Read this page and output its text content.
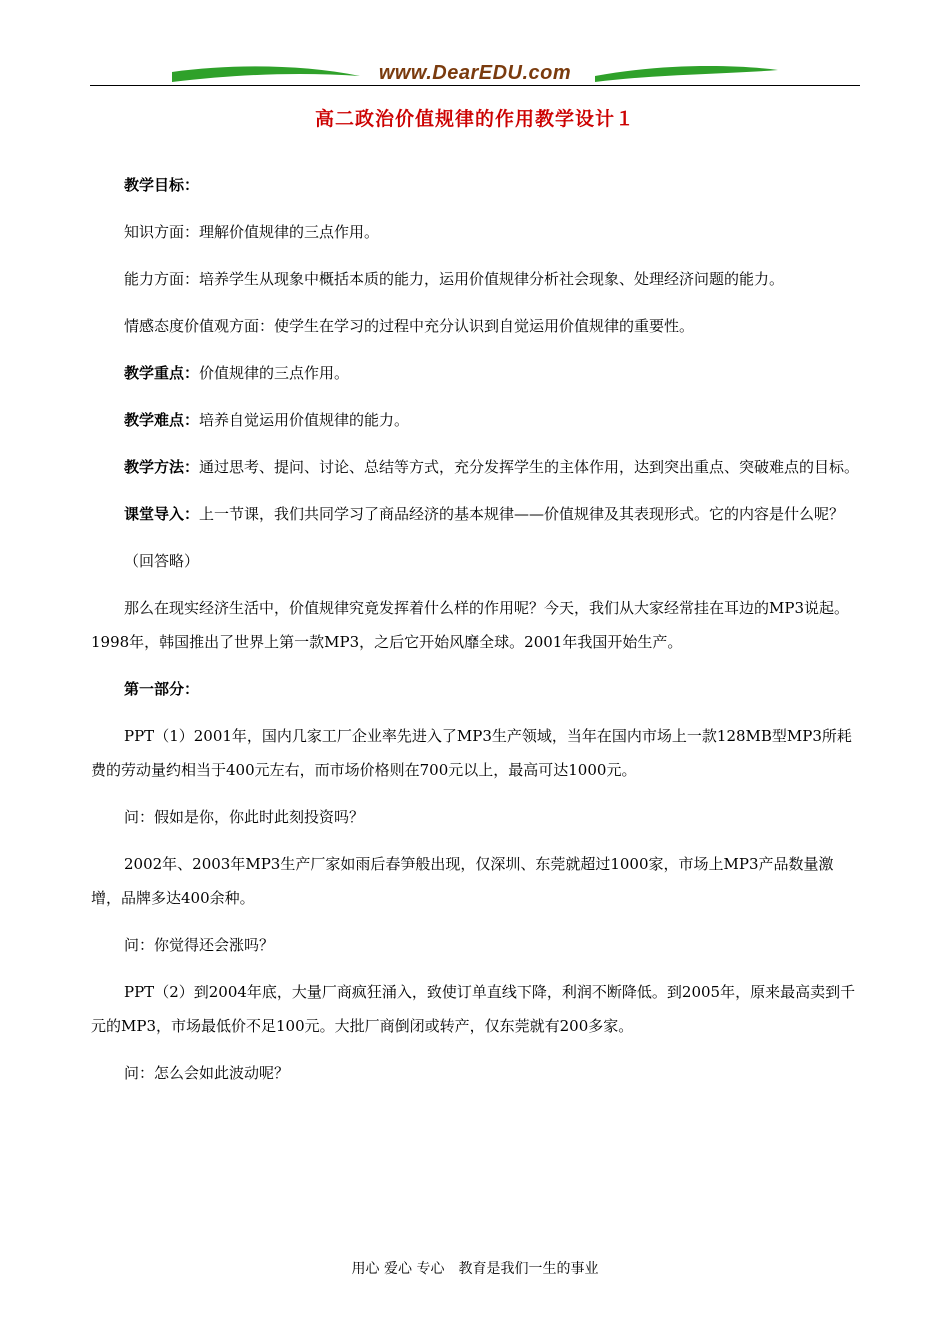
www.DearEDU.com
高二政治价值规律的作用教学设计１

教学目标：

知识方面：理解价值规律的三点作用。

能力方面：培养学生从现象中概括本质的能力，运用价值规律分析社会现象、处理经济问题的能力。

情感态度价值观方面：使学生在学习的过程中充分认识到自觉运用价值规律的重要性。

教学重点：价值规律的三点作用。

教学难点：培养自觉运用价值规律的能力。

教学方法：通过思考、提问、讨论、总结等方式，充分发挥学生的主体作用，达到突出重点、突破难点的目标。

课堂导入：上一节课，我们共同学习了商品经济的基本规律——价值规律及其表现形式。它的内容是什么呢？

（回答略）

那么在现实经济生活中，价值规律究竟发挥着什么样的作用呢？今天，我们从大家经常挂在耳边的MP3说起。1998年，韩国推出了世界上第一款MP3，之后它开始风靡全球。2001年我国开始生产。

第一部分：

PPT（1）2001年，国内几家工厂企业率先进入了MP3生产领域，当年在国内市场上一款128MB型MP3所耗费的劳动量约相当于400元左右，而市场价格则在700元以上，最高可达1000元。

问：假如是你，你此时此刻投资吗？

2002年、2003年MP3生产厂家如雨后春笋般出现，仅深圳、东莞就超过1000家，市场上MP3产品数量激增，品牌多达400余种。

问：你觉得还会涨吗？

PPT（2）到2004年底，大量厂商疯狂涌入，致使订单直线下降，利润不断降低。到2005年，原来最高卖到千元的MP3，市场最低价不足100元。大批厂商倒闭或转产，仅东莞就有200多家。

问：怎么会如此波动呢？

用心 爱心 专心　教育是我们一生的事业
